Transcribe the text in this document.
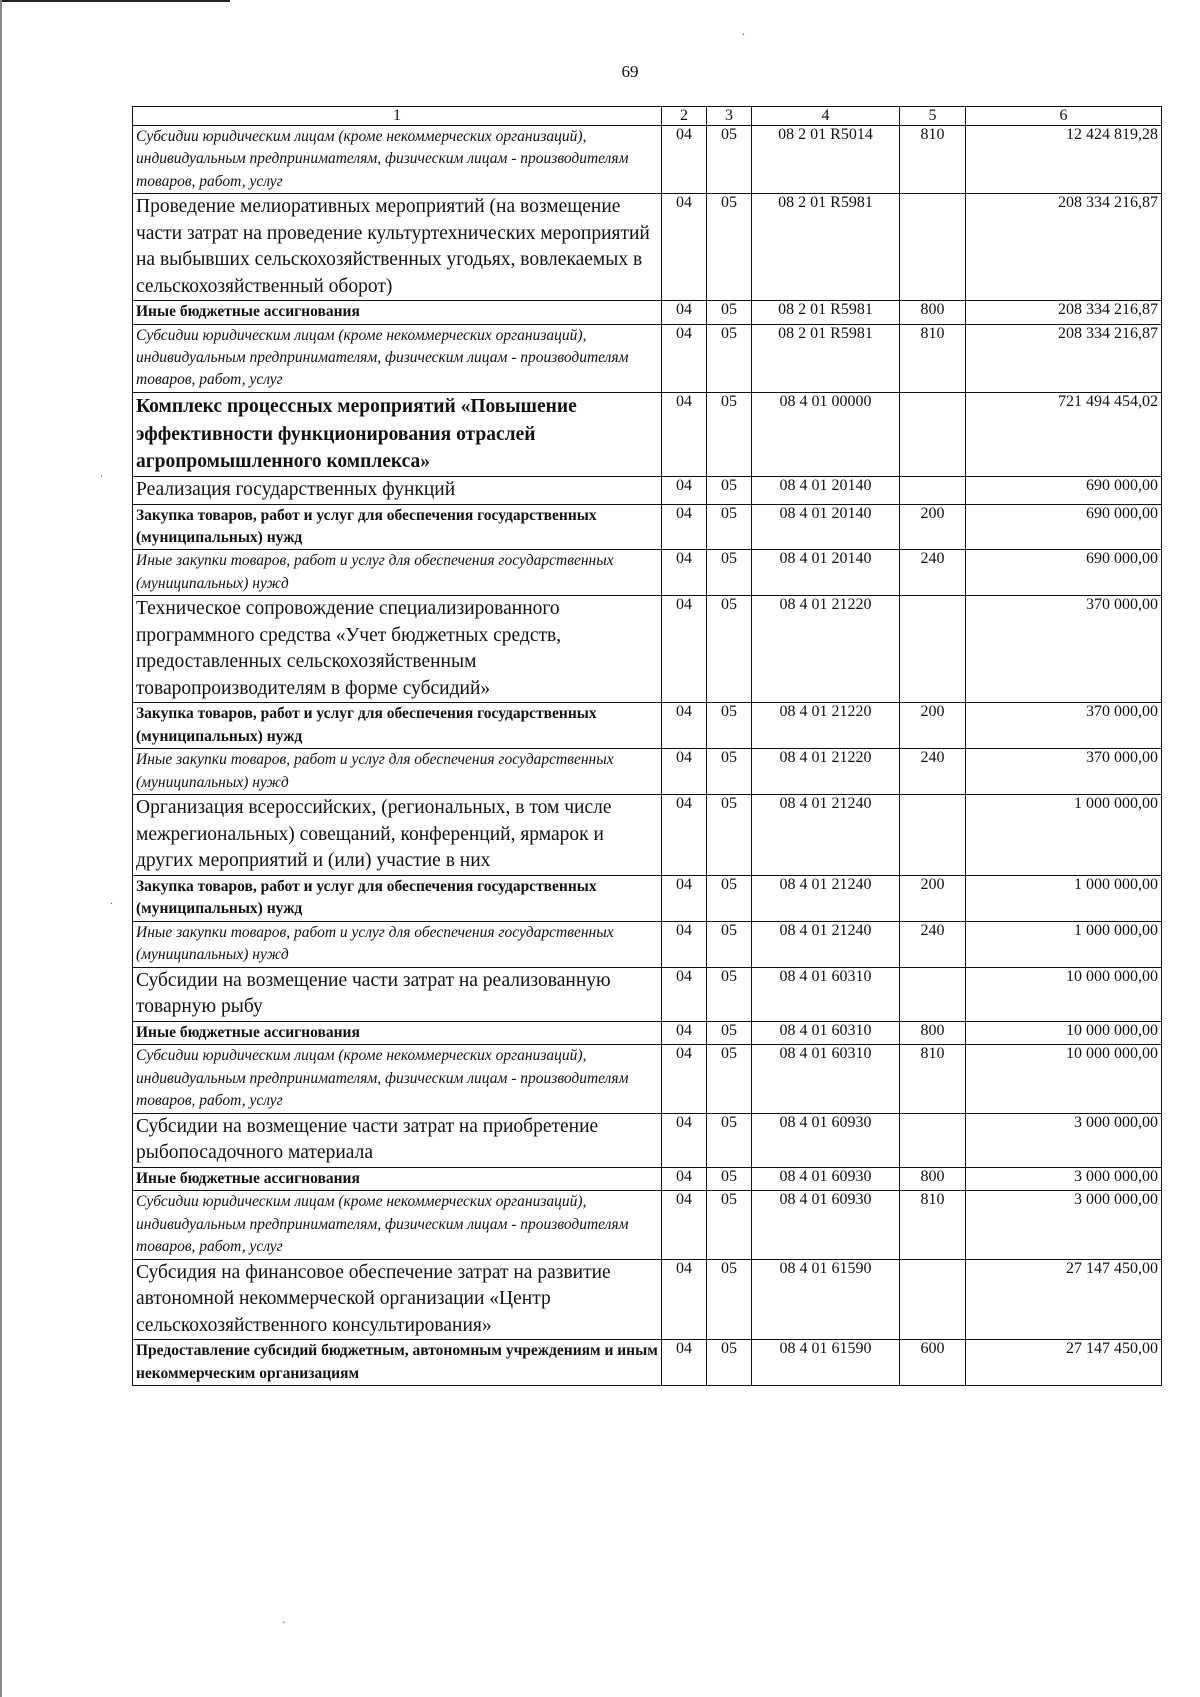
69
1	2	3	4	5	6
Субсидии юридическим лицам (кроме некоммерческих организаций), индивидуальным предпринимателям, физическим лицам - производителям товаров, работ, услуг	04	05	08 2 01 R5014	810	12 424 819,28
Проведение мелиоративных мероприятий (на возмещение части затрат на проведение культуртехнических мероприятий на выбывших сельскохозяйственных угодьях, вовлекаемых в сельскохозяйственный оборот)	04	05	08 2 01 R5981		208 334 216,87
Иные бюджетные ассигнования	04	05	08 2 01 R5981	800	208 334 216,87
Субсидии юридическим лицам (кроме некоммерческих организаций), индивидуальным предпринимателям, физическим лицам - производителям товаров, работ, услуг	04	05	08 2 01 R5981	810	208 334 216,87
Комплекс процессных мероприятий «Повышение эффективности функционирования отраслей агропромышленного комплекса»	04	05	08 4 01 00000		721 494 454,02
Реализация государственных функций	04	05	08 4 01 20140		690 000,00
Закупка товаров, работ и услуг для обеспечения государственных (муниципальных) нужд	04	05	08 4 01 20140	200	690 000,00
Иные закупки товаров, работ и услуг для обеспечения государственных (муниципальных) нужд	04	05	08 4 01 20140	240	690 000,00
Техническое сопровождение специализированного программного средства «Учет бюджетных средств, предоставленных сельскохозяйственным товаропроизводителям в форме субсидий»	04	05	08 4 01 21220		370 000,00
Закупка товаров, работ и услуг для обеспечения государственных (муниципальных) нужд	04	05	08 4 01 21220	200	370 000,00
Иные закупки товаров, работ и услуг для обеспечения государственных (муниципальных) нужд	04	05	08 4 01 21220	240	370 000,00
Организация всероссийских, (региональных, в том числе межрегиональных) совещаний, конференций, ярмарок и других мероприятий и (или) участие в них	04	05	08 4 01 21240		1 000 000,00
Закупка товаров, работ и услуг для обеспечения государственных (муниципальных) нужд	04	05	08 4 01 21240	200	1 000 000,00
Иные закупки товаров, работ и услуг для обеспечения государственных (муниципальных) нужд	04	05	08 4 01 21240	240	1 000 000,00
Субсидии на возмещение части затрат на реализованную товарную рыбу	04	05	08 4 01 60310		10 000 000,00
Иные бюджетные ассигнования	04	05	08 4 01 60310	800	10 000 000,00
Субсидии юридическим лицам (кроме некоммерческих организаций), индивидуальным предпринимателям, физическим лицам - производителям товаров, работ, услуг	04	05	08 4 01 60310	810	10 000 000,00
Субсидии на возмещение части затрат на приобретение рыбопосадочного материала	04	05	08 4 01 60930		3 000 000,00
Иные бюджетные ассигнования	04	05	08 4 01 60930	800	3 000 000,00
Субсидии юридическим лицам (кроме некоммерческих организаций), индивидуальным предпринимателям, физическим лицам - производителям товаров, работ, услуг	04	05	08 4 01 60930	810	3 000 000,00
Субсидия на финансовое обеспечение затрат на развитие автономной некоммерческой организации «Центр сельскохозяйственного консультирования»	04	05	08 4 01 61590		27 147 450,00
Предоставление субсидий бюджетным, автономным учреждениям и иным некоммерческим организациям	04	05	08 4 01 61590	600	27 147 450,00
.
.
.
.
